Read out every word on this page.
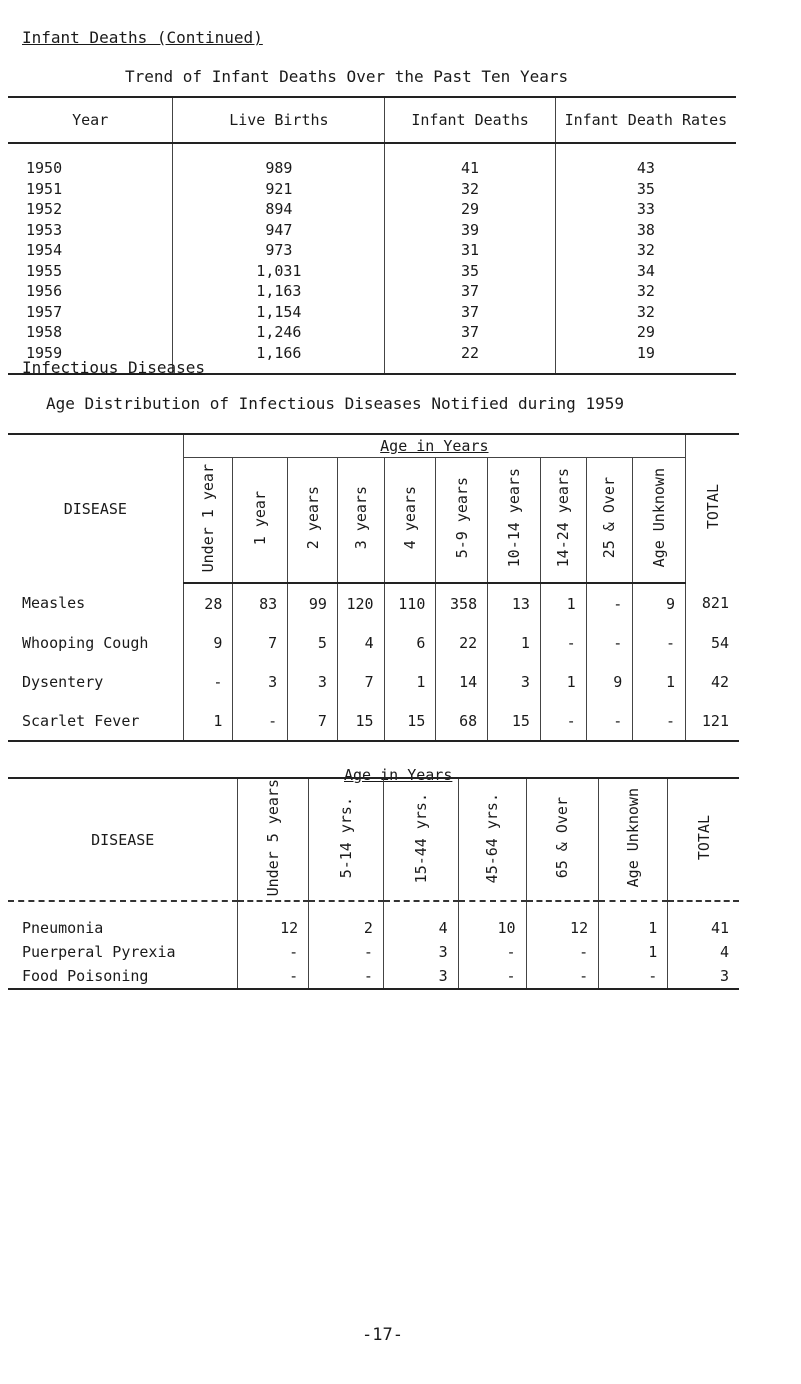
Infant Deaths (Continued)
Trend of Infant Deaths Over the Past Ten Years
Year	Live Births	Infant Deaths	Infant Death Rates
1950	989	41	43
1951	921	32	35
1952	894	29	33
1953	947	39	38
1954	973	31	32
1955	1,031	35	34
1956	1,163	37	32
1957	1,154	37	32
1958	1,246	37	29
1959	1,166	22	19
Infectious Diseases
Age Distribution of Infectious Diseases Notified during 1959
DISEASE	Age in Years										TOTAL
	Under 1 year	1 year	2 years	3 years	4 years	5-9 years	10-14 years	14-24 years	25 & Over	Age Unknown	
Measles	28	83	99	120	110	358	13	1	-	9	821
Whooping Cough	9	7	5	4	6	22	1	-	-	-	54
Dysentery	-	3	3	7	1	14	3	1	9	1	42
Scarlet Fever	1	-	7	15	15	68	15	-	-	-	121
Age in Years
DISEASE	Under 5 years	5-14 yrs.	15-44 yrs.	45-64 yrs.	65 & Over	Age Unknown	TOTAL
Pneumonia	12	2	4	10	12	1	41
Puerperal Pyrexia	-	-	3	-	-	1	4
Food Poisoning	-	-	3	-	-	-	3
-17-
